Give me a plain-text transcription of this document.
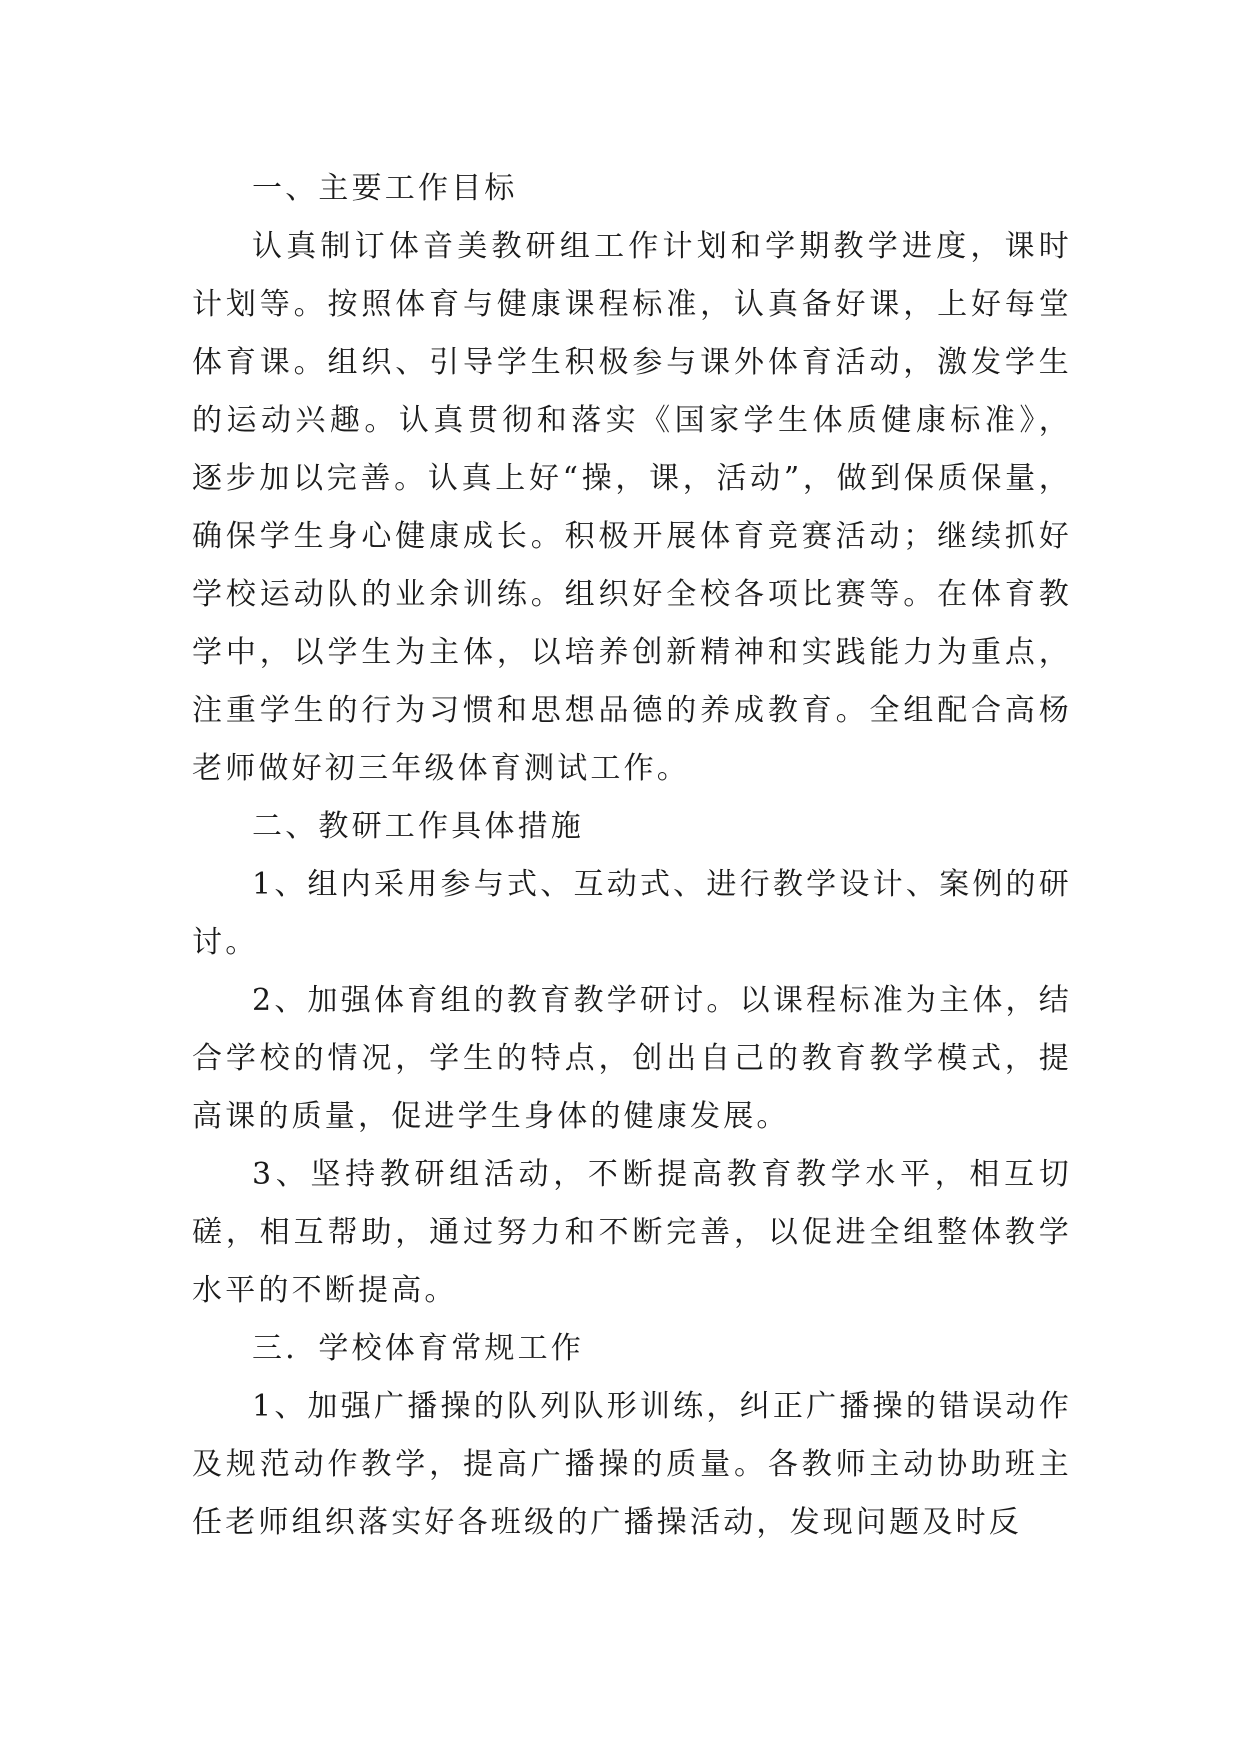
一、主要工作目标

认真制订体音美教研组工作计划和学期教学进度，课时计划等。按照体育与健康课程标准，认真备好课，上好每堂体育课。组织、引导学生积极参与课外体育活动，激发学生的运动兴趣。认真贯彻和落实《国家学生体质健康标准》，逐步加以完善。认真上好“操，课，活动”，做到保质保量，确保学生身心健康成长。积极开展体育竞赛活动；继续抓好学校运动队的业余训练。组织好全校各项比赛等。在体育教学中，以学生为主体，以培养创新精神和实践能力为重点，注重学生的行为习惯和思想品德的养成教育。全组配合高杨老师做好初三年级体育测试工作。

二、教研工作具体措施

1、组内采用参与式、互动式、进行教学设计、案例的研讨。

2、加强体育组的教育教学研讨。以课程标准为主体，结合学校的情况，学生的特点，创出自己的教育教学模式，提高课的质量，促进学生身体的健康发展。

3、坚持教研组活动，不断提高教育教学水平，相互切磋，相互帮助，通过努力和不断完善，以促进全组整体教学水平的不断提高。

三．学校体育常规工作

1、加强广播操的队列队形训练，纠正广播操的错误动作及规范动作教学，提高广播操的质量。各教师主动协助班主任老师组织落实好各班级的广播操活动，发现问题及时反
